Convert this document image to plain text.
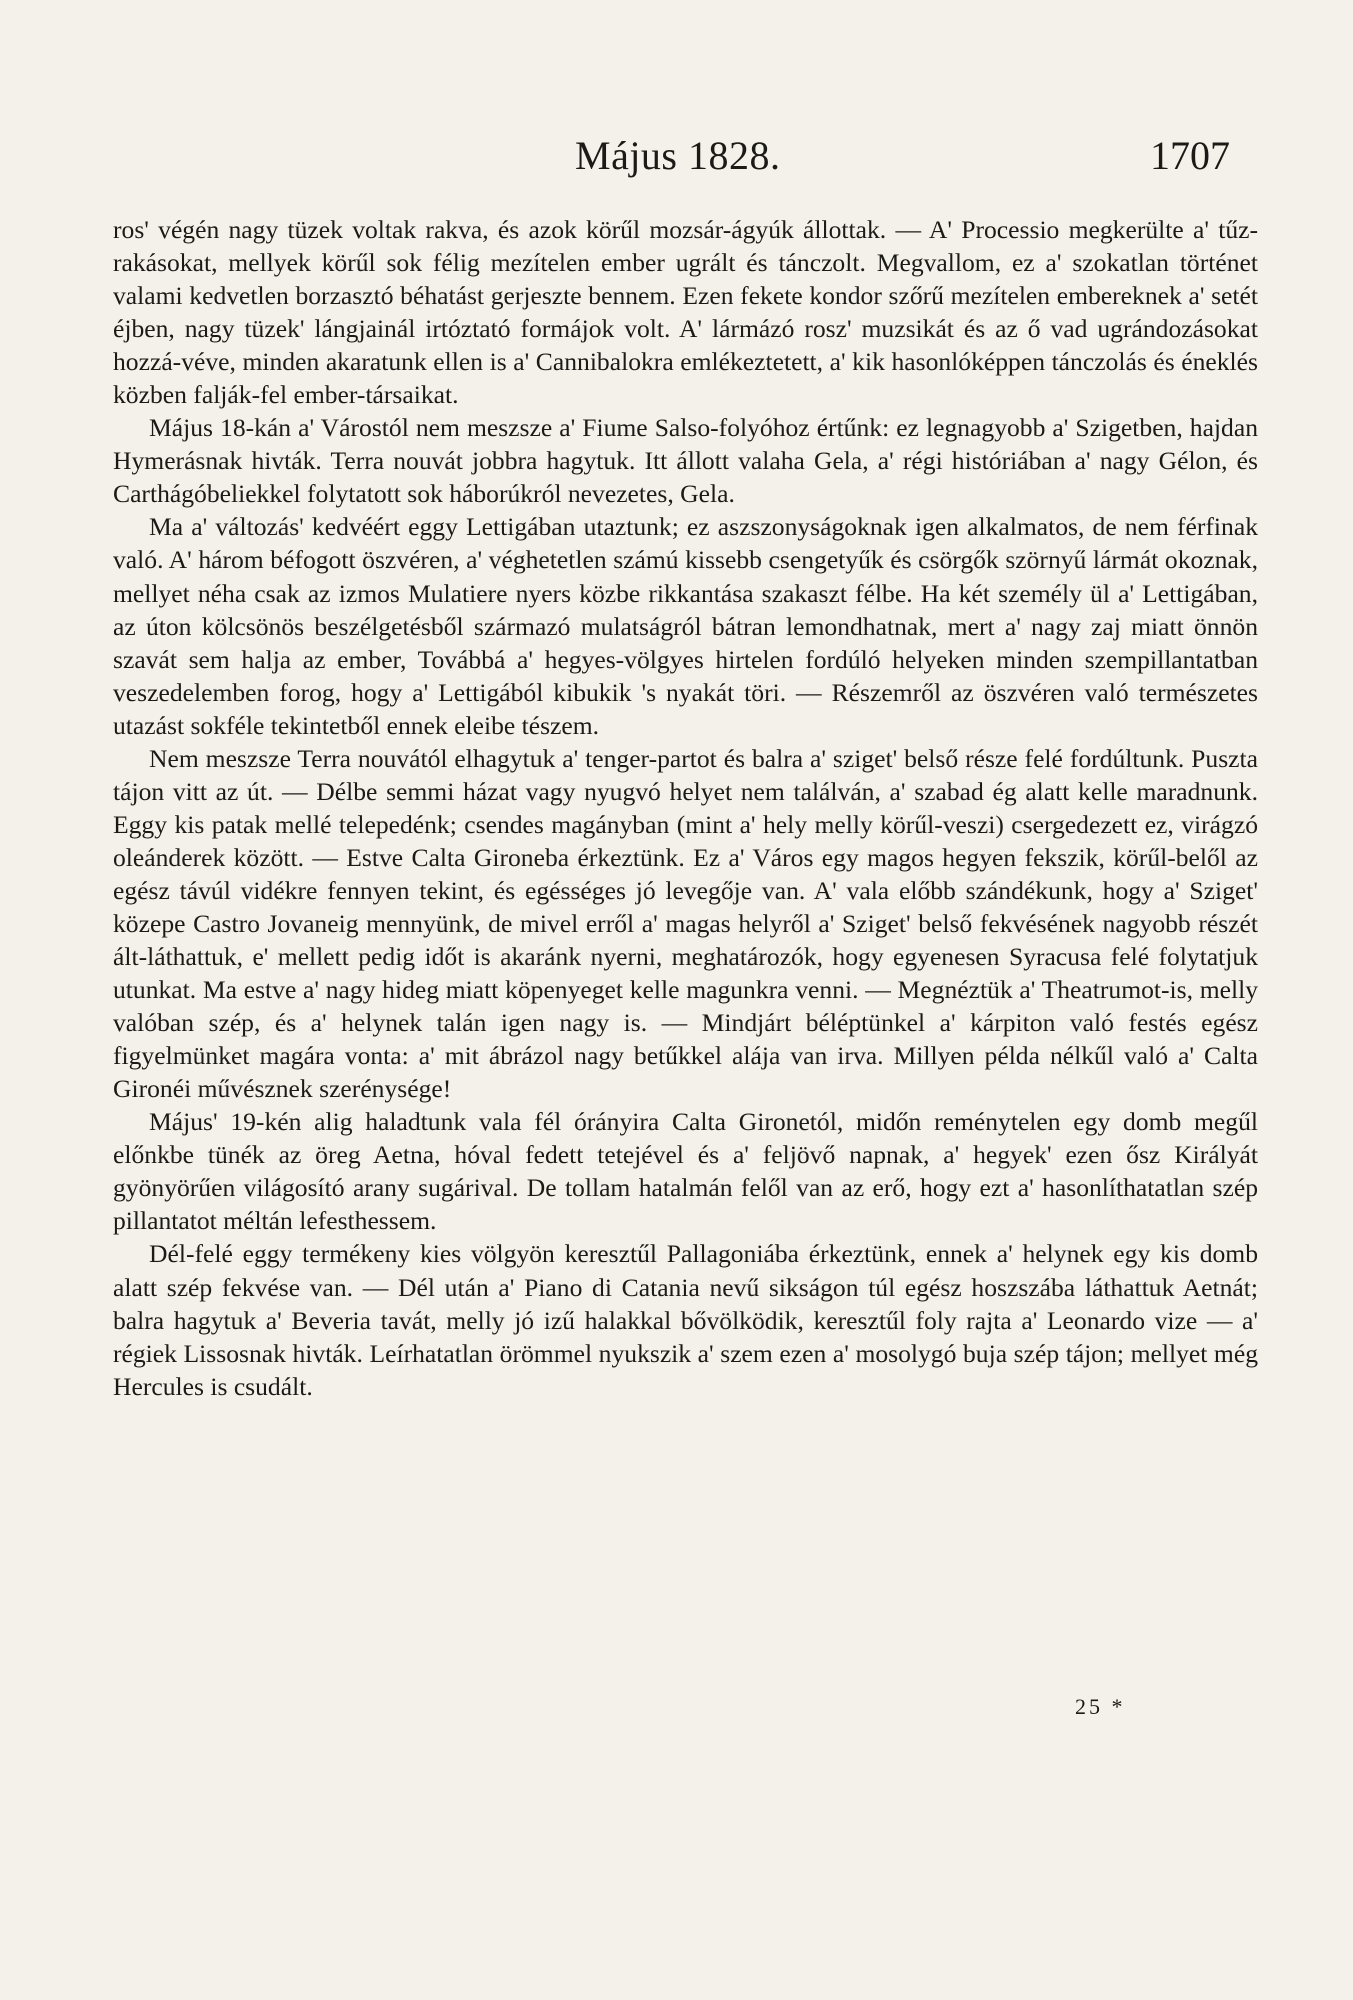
Május 1828.	1707

ros' végén nagy tüzek voltak rakva, és azok körűl mozsár-ágyúk állottak. — A' Processio megkerülte a' tűz-rakásokat, mellyek körűl sok félig mezítelen ember ugrált és tánczolt. Megvallom, ez a' szokatlan történet valami kedvetlen borzasztó béhatást gerjeszte bennem. Ezen fekete kondor szőrű mezítelen embereknek a' setét éjben, nagy tüzek' lángjainál irtóztató formájok volt. A' lármázó rosz' muzsikát és az ő vad ugrándozásokat hozzá-véve, minden akaratunk ellen is a' Cannibalokra emlékeztetett, a' kik hasonlóképpen tánczolás és éneklés közben falják-fel ember-társaikat.

Május 18-kán a' Várostól nem meszsze a' Fiume Salso-folyóhoz értűnk: ez legnagyobb a' Szigetben, hajdan Hymerásnak hivták. Terra nouvát jobbra hagytuk. Itt állott valaha Gela, a' régi históriában a' nagy Gélon, és Carthágóbeliekkel folytatott sok háborúkról nevezetes, Gela.

Ma a' változás' kedvéért eggy Lettigában utaztunk; ez aszszonyságoknak igen alkalmatos, de nem férfinak való. A' három béfogott öszvéren, a' véghetetlen számú kissebb csengetyűk és csörgők szörnyű lármát okoznak, mellyet néha csak az izmos Mulatiere nyers közbe rikkantása szakaszt félbe. Ha két személy ül a' Lettigában, az úton kölcsönös beszélgetésből származó mulatságról bátran lemondhatnak, mert a' nagy zaj miatt önnön szavát sem halja az ember, Továbbá a' hegyes-völgyes hirtelen fordúló helyeken minden szempillantatban veszedelemben forog, hogy a' Lettigából kibukik 's nyakát töri. — Részemről az öszvéren való természetes utazást sokféle tekintetből ennek eleibe tészem.

Nem meszsze Terra nouvától elhagytuk a' tenger-partot és balra a' sziget' belső része felé fordúltunk. Puszta tájon vitt az út. — Délbe semmi házat vagy nyugvó helyet nem találván, a' szabad ég alatt kelle maradnunk. Eggy kis patak mellé telepedénk; csendes magányban (mint a' hely melly körűl-veszi) csergedezett ez, virágzó oleánderek között. — Estve Calta Gironeba érkeztünk. Ez a' Város egy magos hegyen fekszik, körűl-belől az egész távúl vidékre fennyen tekint, és egésséges jó levegője van. A' vala előbb szándékunk, hogy a' Sziget' közepe Castro Jovaneig mennyünk, de mivel erről a' magas helyről a' Sziget' belső fekvésének nagyobb részét ált-láthattuk, e' mellett pedig időt is akaránk nyerni, meghatározók, hogy egyenesen Syracusa felé folytatjuk utunkat. Ma estve a' nagy hideg miatt köpenyeget kelle magunkra venni. — Megnéztük a' Theatrumot-is, melly valóban szép, és a' helynek talán igen nagy is. — Mindjárt béléptünkel a' kárpiton való festés egész figyelmünket magára vonta: a' mit ábrázol nagy betűkkel alája van irva. Millyen példa nélkűl való a' Calta Gironéi művésznek szerénysége!

Május' 19-kén alig haladtunk vala fél órányira Calta Gironetól, midőn reménytelen egy domb megűl előnkbe tünék az öreg Aetna, hóval fedett tetejével és a' feljövő napnak, a' hegyek' ezen ősz Királyát gyönyörűen világosító arany sugárival. De tollam hatalmán felől van az erő, hogy ezt a' hasonlíthatatlan szép pillantatot méltán lefesthessem.

Dél-felé eggy termékeny kies völgyön keresztűl Pallagoniába érkeztünk, ennek a' helynek egy kis domb alatt szép fekvése van. — Dél után a' Piano di Catania nevű sikságon túl egész hoszszába láthattuk Aetnát; balra hagytuk a' Beveria tavát, melly jó izű halakkal bővölködik, keresztűl foly rajta a' Leonardo vize — a' régiek Lissosnak hivták. Leírhatatlan örömmel nyukszik a' szem ezen a' mosolygó buja szép tájon; mellyet még Hercules is csudált.

25 *
